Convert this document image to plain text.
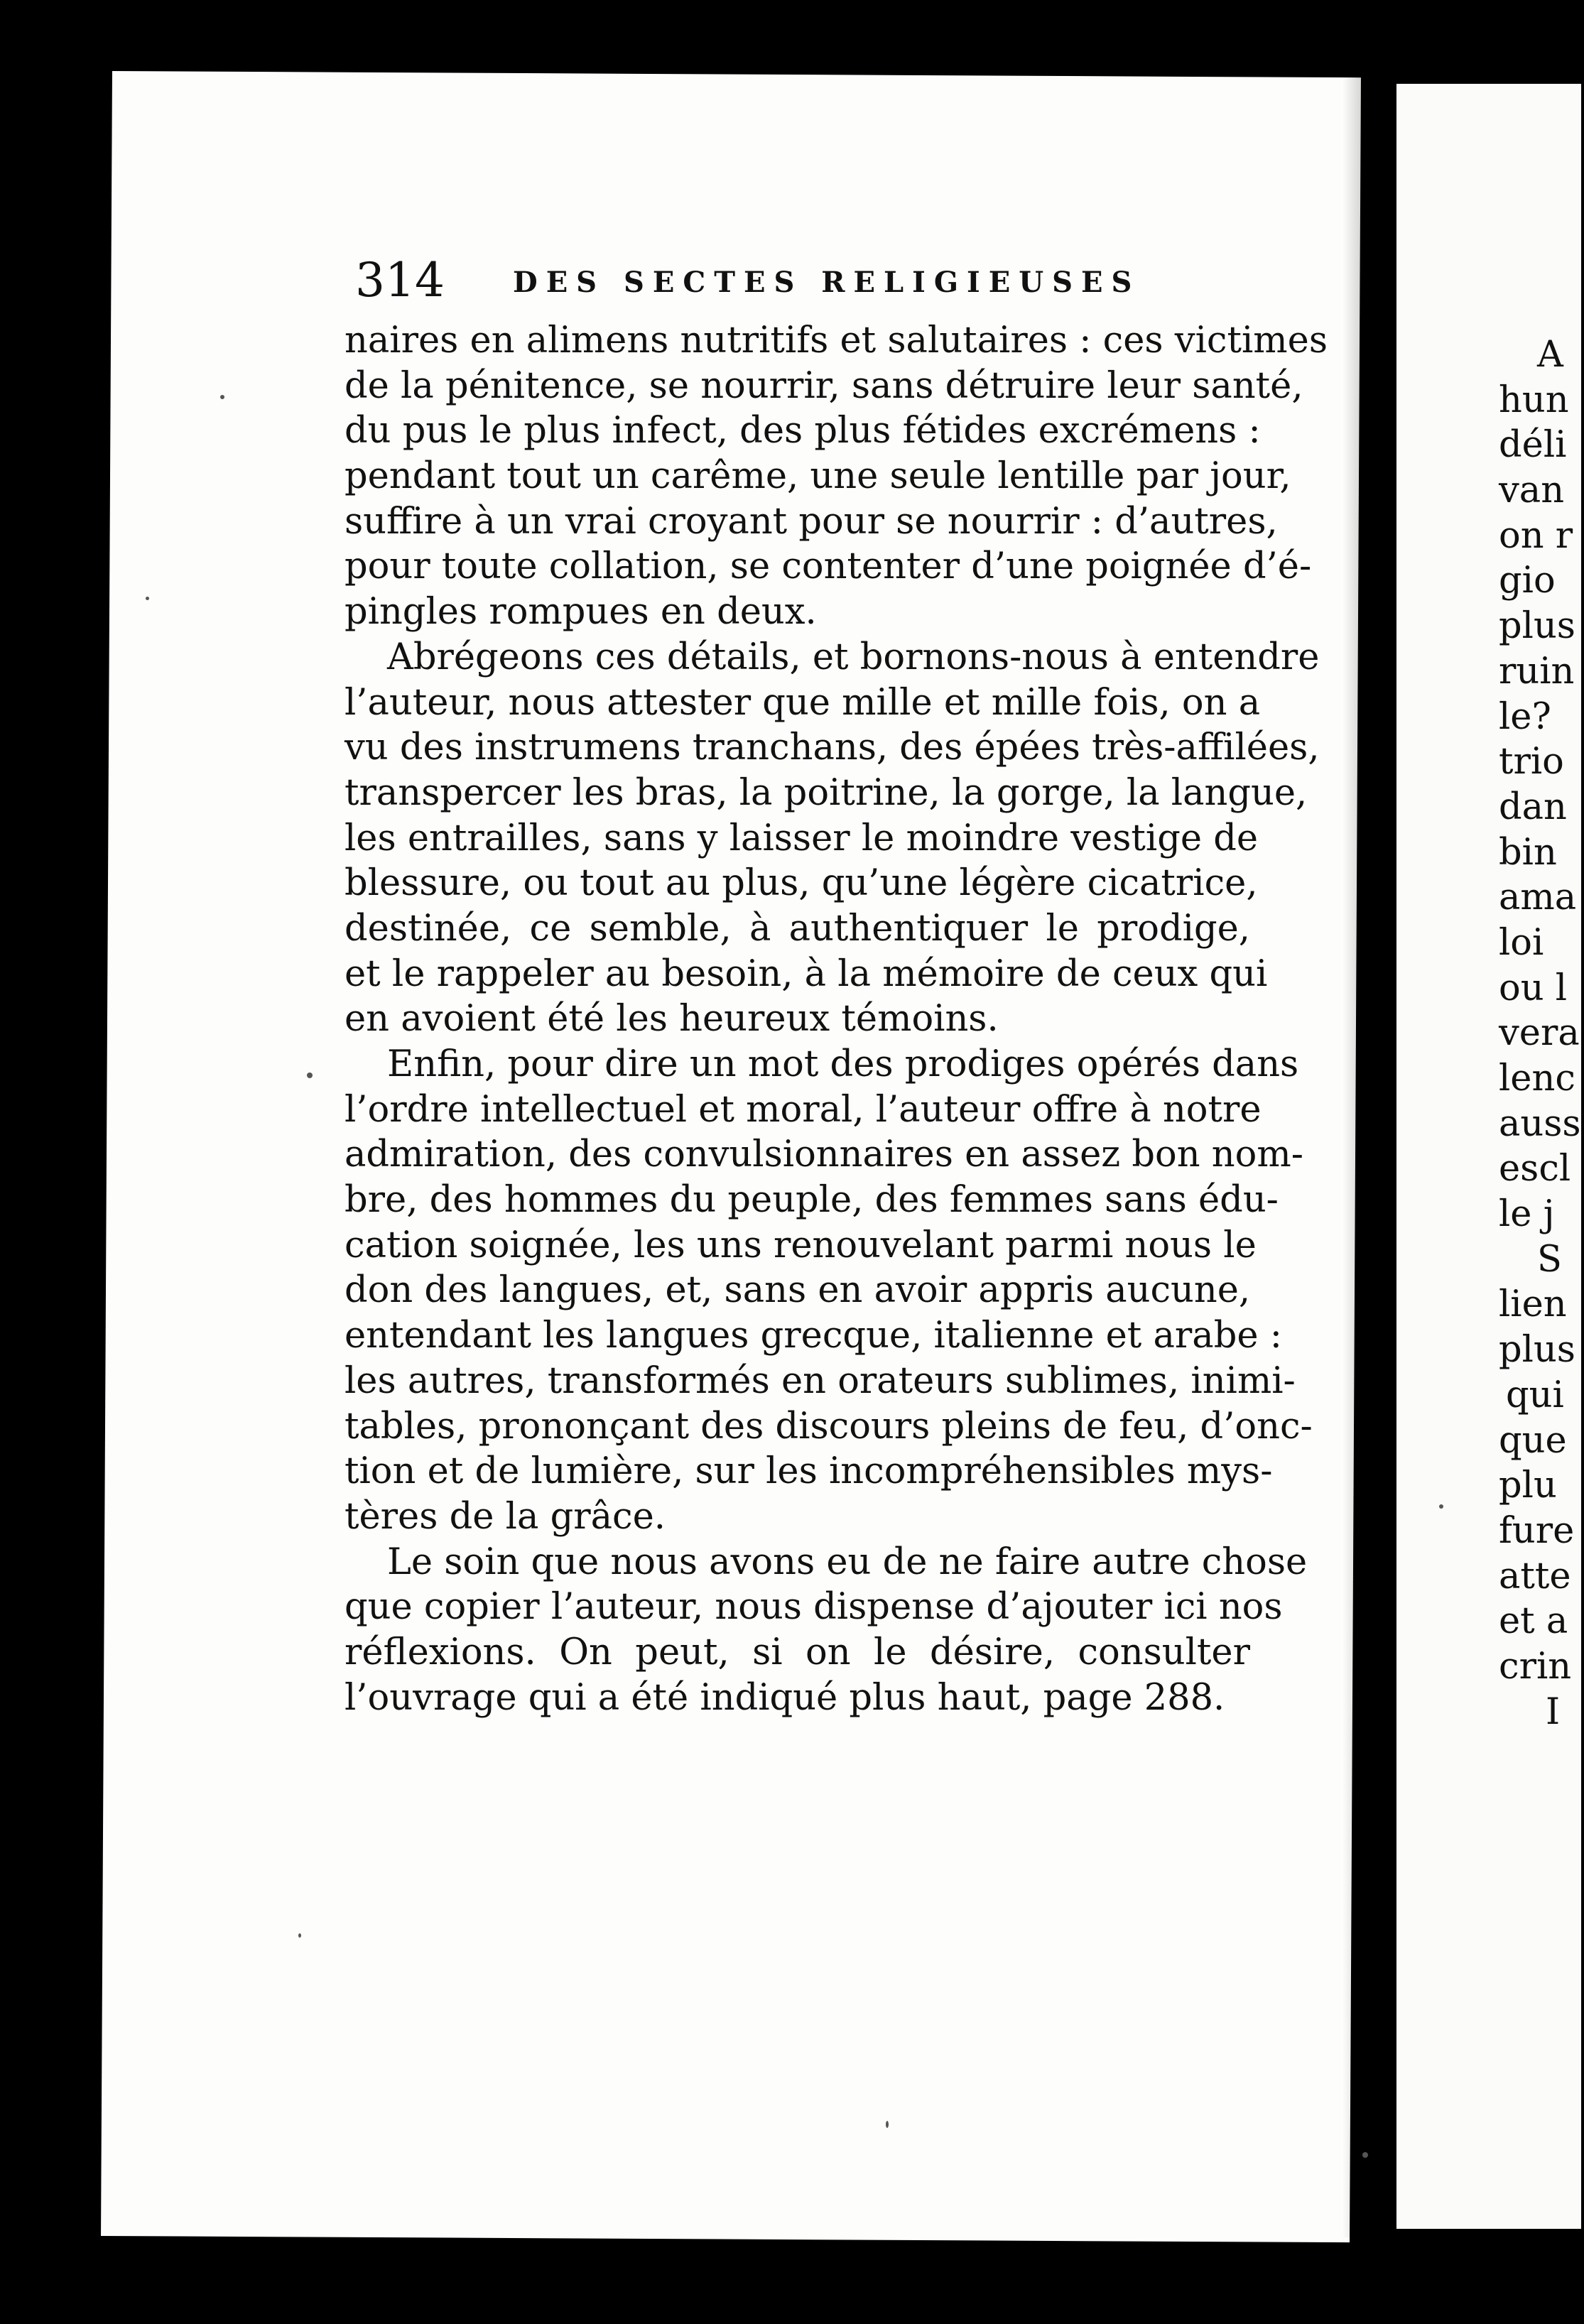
A
hun
déli
van
on r
gio
plus
ruin
le?
trio
dan
bin
ama
loi
ou l
vera
lenc
auss
escl
le j
S
lien
plus
qui
que
plu
fure
atte
et a
crin
I
314 DES SECTES RELIGIEUSES
naires en alimens nutritifs et salutaires : ces victimes
de la pénitence, se nourrir, sans détruire leur santé,
du pus le plus infect, des plus fétides excrémens :
pendant tout un carême, une seule lentille par jour,
suffire à un vrai croyant pour se nourrir : d’autres,
pour toute collation, se contenter d’une poignée d’é-
pingles rompues en deux.
Abrégeons ces détails, et bornons-nous à entendre
l’auteur, nous attester que mille et mille fois, on a
vu des instrumens tranchans, des épées très-affilées,
transpercer les bras, la poitrine, la gorge, la langue,
les entrailles, sans y laisser le moindre vestige de
blessure, ou tout au plus, qu’une légère cicatrice,
destinée, ce semble, à authentiquer le prodige,
et le rappeler au besoin, à la mémoire de ceux qui
en avoient été les heureux témoins.
Enfin, pour dire un mot des prodiges opérés dans
l’ordre intellectuel et moral, l’auteur offre à notre
admiration, des convulsionnaires en assez bon nom-
bre, des hommes du peuple, des femmes sans édu-
cation soignée, les uns renouvelant parmi nous le
don des langues, et, sans en avoir appris aucune,
entendant les langues grecque, italienne et arabe :
les autres, transformés en orateurs sublimes, inimi-
tables, prononçant des discours pleins de feu, d’onc-
tion et de lumière, sur les incompréhensibles mys-
tères de la grâce.
Le soin que nous avons eu de ne faire autre chose
que copier l’auteur, nous dispense d’ajouter ici nos
réflexions. On peut, si on le désire, consulter
l’ouvrage qui a été indiqué plus haut, page 288.
